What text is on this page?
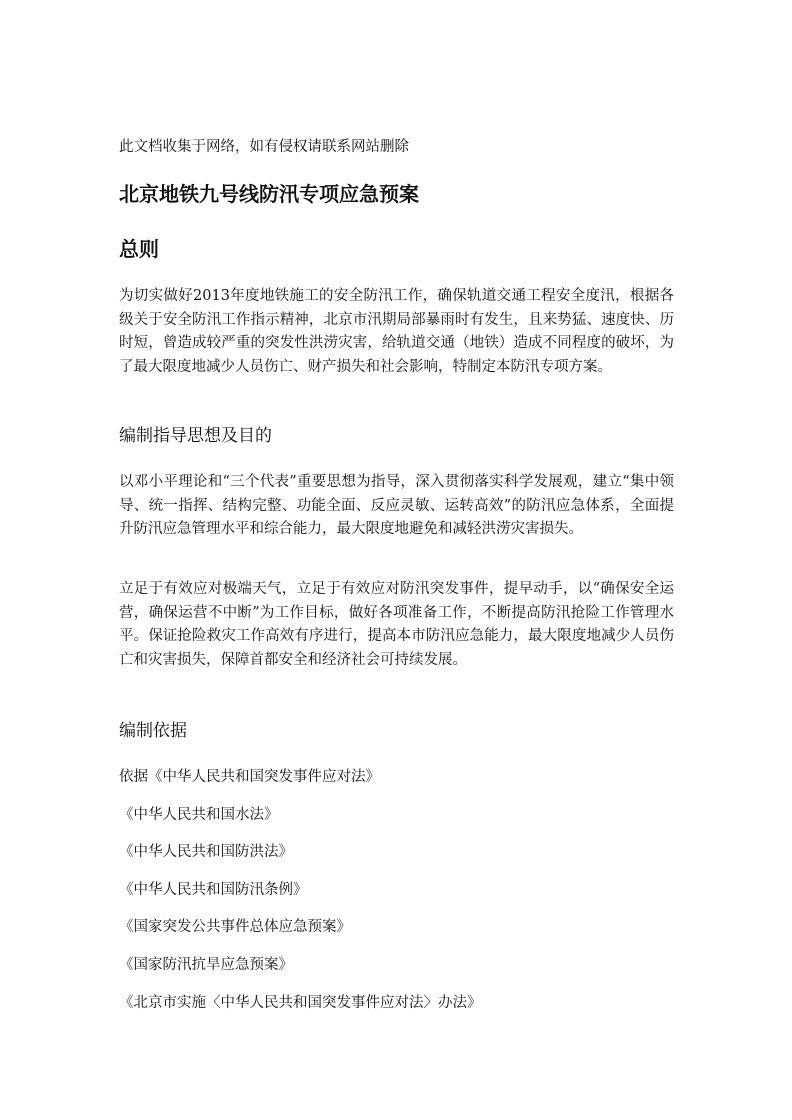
此文档收集于网络，如有侵权请联系网站删除
北京地铁九号线防汛专项应急预案
总则
为切实做好2013年度地铁施工的安全防汛工作，确保轨道交通工程安全度汛，根据各级关于安全防汛工作指示精神，北京市汛期局部暴雨时有发生，且来势猛、速度快、历时短，曾造成较严重的突发性洪涝灾害，给轨道交通（地铁）造成不同程度的破坏，为了最大限度地减少人员伤亡、财产损失和社会影响，特制定本防汛专项方案。
编制指导思想及目的
以邓小平理论和“三个代表”重要思想为指导，深入贯彻落实科学发展观，建立“集中领导、统一指挥、结构完整、功能全面、反应灵敏、运转高效”的防汛应急体系，全面提升防汛应急管理水平和综合能力，最大限度地避免和减轻洪涝灾害损失。
立足于有效应对极端天气，立足于有效应对防汛突发事件，提早动手，以“确保安全运营，确保运营不中断”为工作目标，做好各项准备工作，不断提高防汛抢险工作管理水平。保证抢险救灾工作高效有序进行，提高本市防汛应急能力，最大限度地减少人员伤亡和灾害损失，保障首都安全和经济社会可持续发展。
编制依据
依据《中华人民共和国突发事件应对法》
《中华人民共和国水法》
《中华人民共和国防洪法》
《中华人民共和国防汛条例》
《国家突发公共事件总体应急预案》
《国家防汛抗旱应急预案》
《北京市实施〈中华人民共和国突发事件应对法〉办法》
